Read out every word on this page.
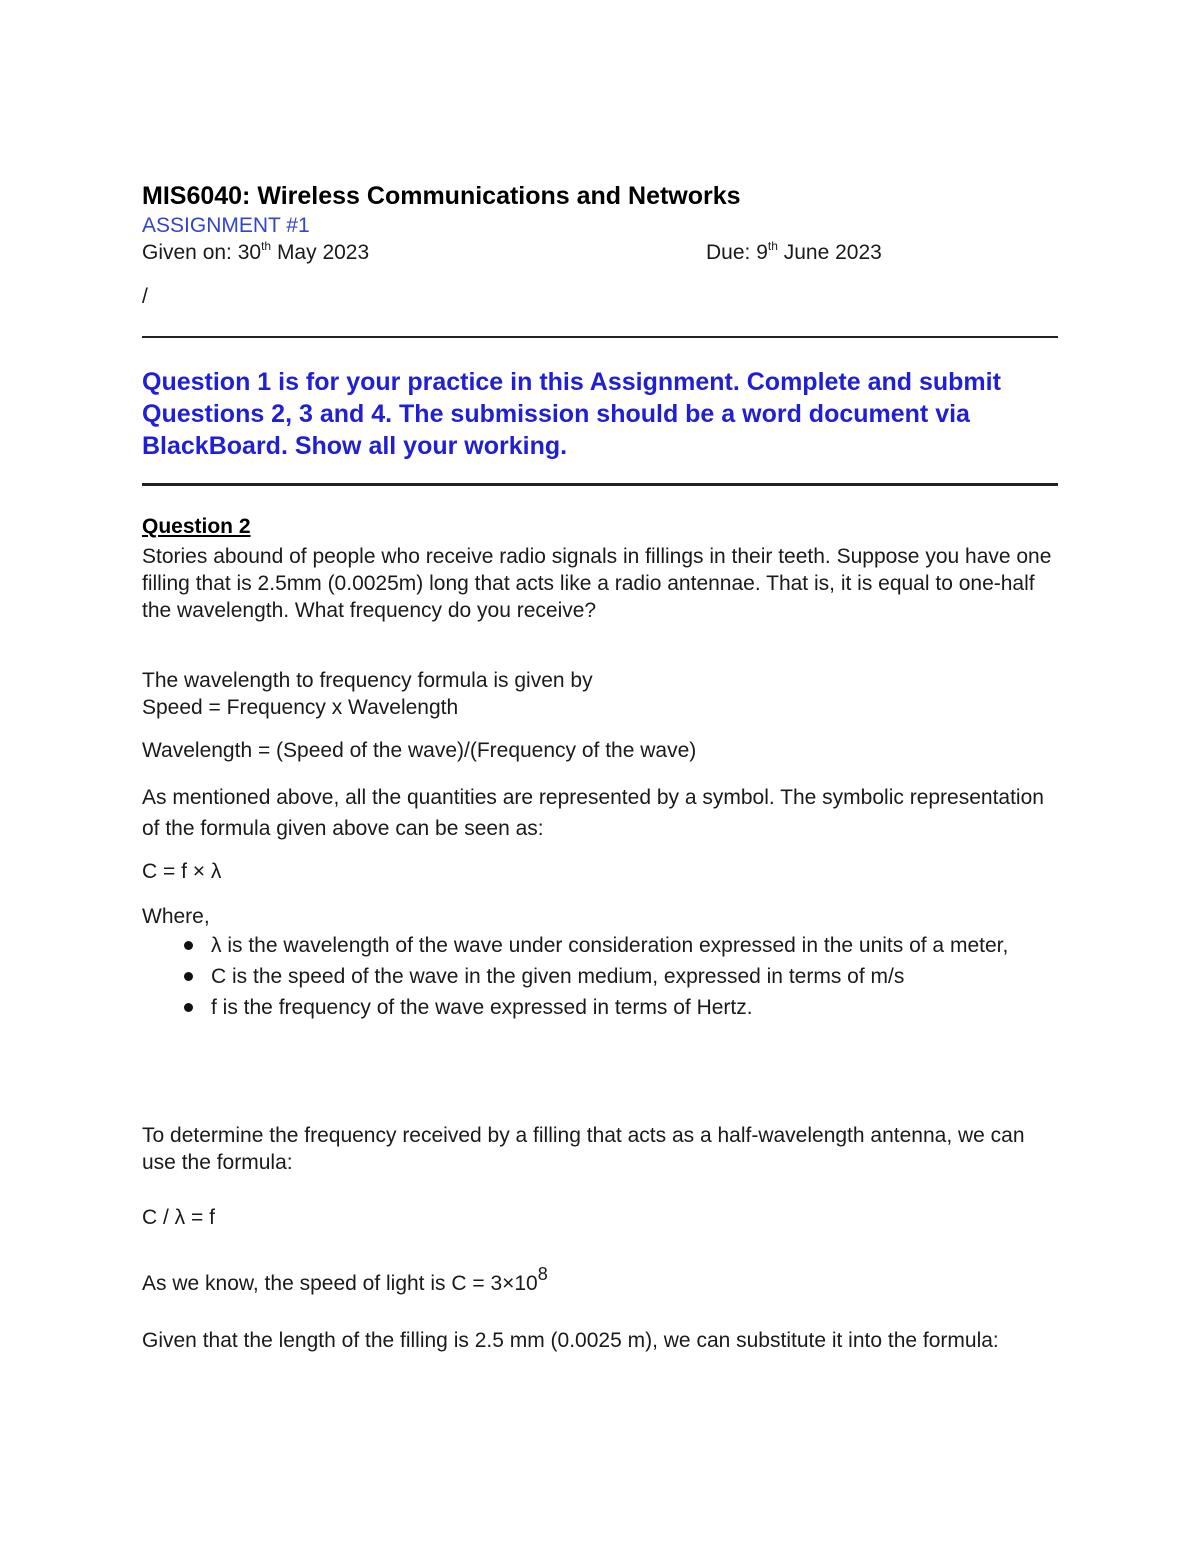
MIS6040: Wireless Communications and Networks
ASSIGNMENT #1
Given on: 30th May 2023	Due: 9th June 2023
/
Question 1 is for your practice in this Assignment. Complete and submit Questions 2, 3 and 4. The submission should be a word document via BlackBoard. Show all your working.
Question 2
Stories abound of people who receive radio signals in fillings in their teeth. Suppose you have one filling that is 2.5mm (0.0025m) long that acts like a radio antennae. That is, it is equal to one-half the wavelength. What frequency do you receive?
The wavelength to frequency formula is given by
Speed = Frequency x Wavelength
Wavelength = (Speed of the wave)/(Frequency of the wave)
As mentioned above, all the quantities are represented by a symbol. The symbolic representation of the formula given above can be seen as:
C = f × λ
Where,
λ is the wavelength of the wave under consideration expressed in the units of a meter,
C is the speed of the wave in the given medium, expressed in terms of m/s
f is the frequency of the wave expressed in terms of Hertz.
To determine the frequency received by a filling that acts as a half-wavelength antenna, we can use the formula:
C / λ = f
As we know, the speed of light is C = 3×108
Given that the length of the filling is 2.5 mm (0.0025 m), we can substitute it into the formula:
